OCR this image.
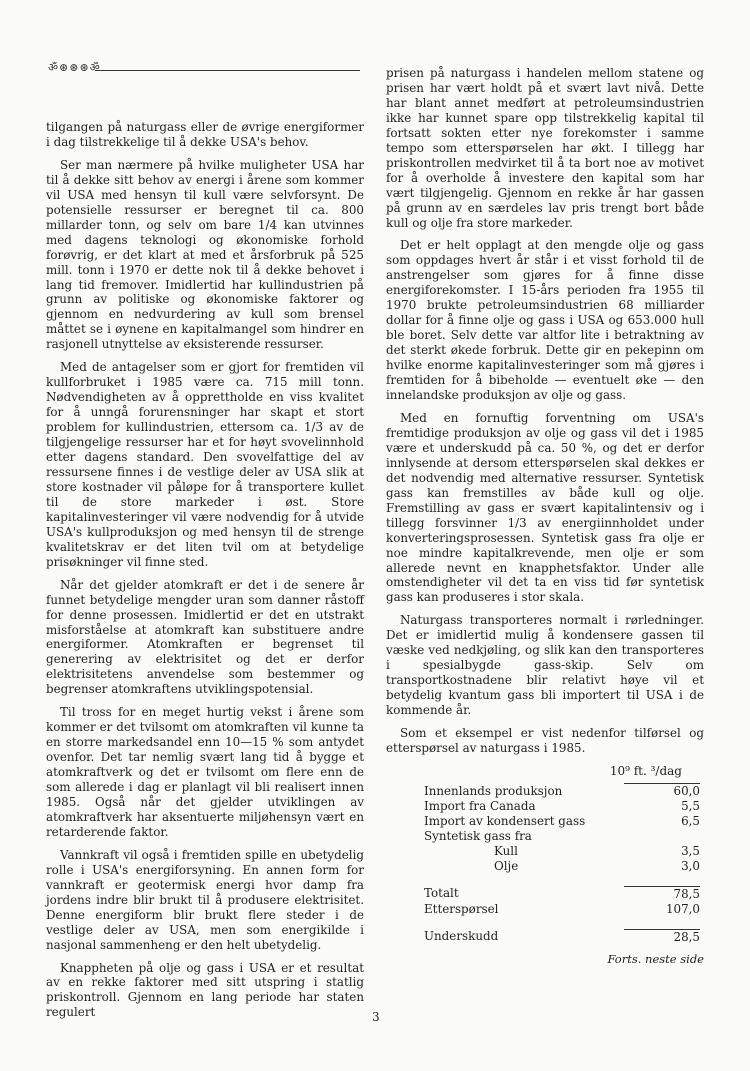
ॐ⊛⊛⊛ॐ

tilgangen på naturgass eller de øvrige energiformer i dag tilstrekkelige til å dekke USA's behov.

Ser man nærmere på hvilke muligheter USA har til å dekke sitt behov av energi i årene som kommer vil USA med hensyn til kull være selvforsynt. De potensielle ressurser er beregnet til ca. 800 millarder tonn, og selv om bare 1/4 kan utvinnes med dagens teknologi og økonomiske forhold forøvrig, er det klart at med et årsforbruk på 525 mill. tonn i 1970 er dette nok til å dekke behovet i lang tid fremover. Imidlertid har kullindustrien på grunn av politiske og økonomiske faktorer og gjennom en nedvurdering av kull som brensel måttet se i øynene en kapitalmangel som hindrer en rasjonell utnyttelse av eksisterende ressurser.

Med de antagelser som er gjort for fremtiden vil kullforbruket i 1985 være ca. 715 mill tonn. Nødvendigheten av å opprettholde en viss kvalitet for å unngå forurensninger har skapt et stort problem for kullindustrien, ettersom ca. 1/3 av de tilgjengelige ressurser har et for høyt svovelinnhold etter dagens standard. Den svovelfattige del av ressursene finnes i de vestlige deler av USA slik at store kostnader vil påløpe for å transportere kullet til de store markeder i øst. Store kapitalinvesteringer vil være nodvendig for å utvide USA's kullproduksjon og med hensyn til de strenge kvalitetskrav er det liten tvil om at betydelige prisøkninger vil finne sted.

Når det gjelder atomkraft er det i de senere år funnet betydelige mengder uran som danner råstoff for denne prosessen. Imidlertid er det en utstrakt misforståelse at atomkraft kan substituere andre energiformer. Atomkraften er begrenset til generering av elektrisitet og det er derfor elektrisitetens anvendelse som bestemmer og begrenser atomkraftens utviklingspotensial.

Til tross for en meget hurtig vekst i årene som kommer er det tvilsomt om atomkraften vil kunne ta en storre markedsandel enn 10—15 % som antydet ovenfor. Det tar nemlig svært lang tid å bygge et atomkraftverk og det er tvilsomt om flere enn de som allerede i dag er planlagt vil bli realisert innen 1985. Også når det gjelder utviklingen av atomkraftverk har aksentuerte miljøhensyn vært en retarderende faktor.

Vannkraft vil også i fremtiden spille en ubetydelig rolle i USA's energiforsyning. En annen form for vannkraft er geotermisk energi hvor damp fra jordens indre blir brukt til å produsere elektrisitet. Denne energiform blir brukt flere steder i de vestlige deler av USA, men som energikilde i nasjonal sammenheng er den helt ubetydelig.

Knappheten på olje og gass i USA er et resultat av en rekke faktorer med sitt utspring i statlig priskontroll. Gjennom en lang periode har staten regulert

prisen på naturgass i handelen mellom statene og prisen har vært holdt på et svært lavt nivå. Dette har blant annet medført at petroleumsindustrien ikke har kunnet spare opp tilstrekkelig kapital til fortsatt sokten etter nye forekomster i samme tempo som etterspørselen har økt. I tillegg har priskontrollen medvirket til å ta bort noe av motivet for å overholde å investere den kapital som har vært tilgjengelig. Gjennom en rekke år har gassen på grunn av en særdeles lav pris trengt bort både kull og olje fra store markeder.

Det er helt opplagt at den mengde olje og gass som oppdages hvert år står i et visst forhold til de anstrengelser som gjøres for å finne disse energiforekomster. I 15-års perioden fra 1955 til 1970 brukte petroleumsindustrien 68 milliarder dollar for å finne olje og gass i USA og 653.000 hull ble boret. Selv dette var altfor lite i betraktning av det sterkt økede forbruk. Dette gir en pekepinn om hvilke enorme kapitalinvesteringer som må gjøres i fremtiden for å bibeholde — eventuelt øke — den innelandske produksjon av olje og gass.

Med en fornuftig forventning om USA's fremtidige produksjon av olje og gass vil det i 1985 være et underskudd på ca. 50 %, og det er derfor innlysende at dersom etterspørselen skal dekkes er det nodvendig med alternative ressurser. Syntetisk gass kan fremstilles av både kull og olje. Fremstilling av gass er svært kapitalintensiv og i tillegg forsvinner 1/3 av energiinnholdet under konverteringsprosessen. Syntetisk gass fra olje er noe mindre kapitalkrevende, men olje er som allerede nevnt en knapphetsfaktor. Under alle omstendigheter vil det ta en viss tid før syntetisk gass kan produseres i stor skala.

Naturgass transporteres normalt i rørledninger. Det er imidlertid mulig å kondensere gassen til væske ved nedkjøling, og slik kan den transporteres i spesialbygde gass-skip. Selv om transportkostnadene blir relativt høye vil et betydelig kvantum gass bli importert til USA i de kommende år.

Som et eksempel er vist nedenfor tilførsel og etterspørsel av naturgass i 1985.

10⁹ ft. ³/dag
Innenlands produksjon	60,0
Import fra Canada	5,5
Import av kondensert gass	6,5
Syntetisk gass fra	
Kull	3,5
Olje	3,0

Totalt	78,5
Etterspørsel	107,0

Underskudd	28,5
Forts. neste side
3
